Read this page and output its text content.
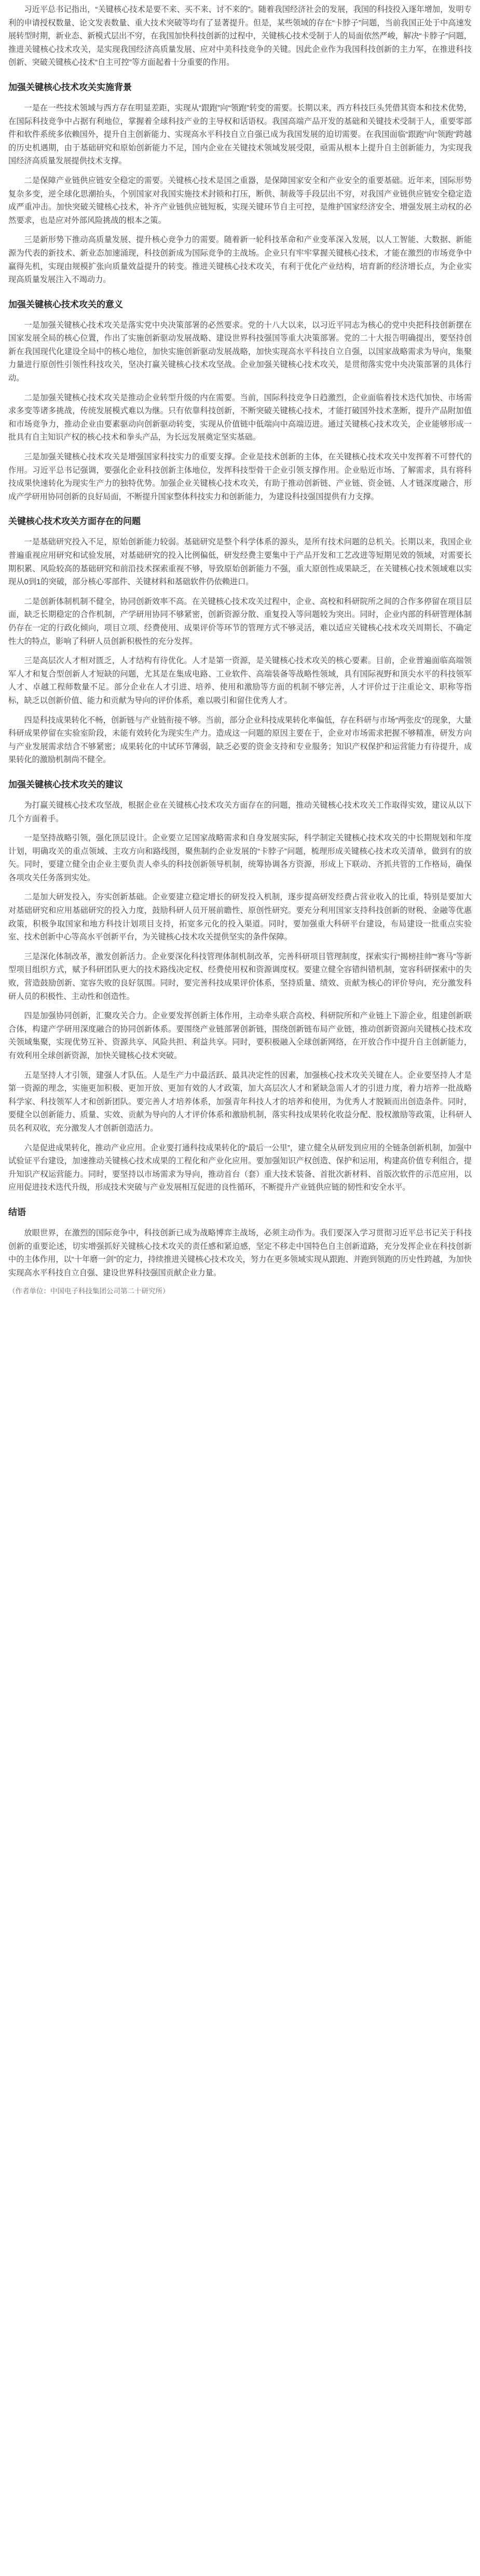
习近平总书记指出，“关键核心技术是要不来、买不来、讨不来的”。随着我国经济社会的发展，我国的科技投入逐年增加，发明专利的申请授权数量、论文发表数量、重大技术突破等均有了显著提升。但是，某些领域的存在“卡脖子”问题，当前我国正处于中高速发展转型时期，新业态、新模式层出不穷，在我国加快科技创新的过程中，关键核心技术受制于人的局面依然严峻，解决“卡脖子”问题，推进关键核心技术攻关，是实现我国经济高质量发展、应对中美科技竞争的关键。因此企业作为我国科技创新的主力军，在推进科技创新、突破关键核心技术“自主可控”等方面起着十分重要的作用。

加强关键核心技术攻关实施背景

一是在一些技术领域与西方存在明显差距，实现从“跟跑”向“领跑”转变的需要。长期以来，西方科技巨头凭借其资本和技术优势，在国际科技竞争中占据有利地位，掌握着全球科技产业的主导权和话语权。我国高端产品开发的基础和关键技术受制于人，重要零部件和软件系统多依赖国外，提升自主创新能力、实现高水平科技自立自强已成为我国发展的迫切需要。在我国面临“跟跑”向“领跑”跨越的历史机遇期，由于基础研究和原始创新能力不足，国内企业在关键技术领域发展受限，亟需从根本上提升自主创新能力，为实现我国经济高质量发展提供技术支撑。

二是保障产业链供应链安全稳定的需要。关键核心技术是国之重器，是保障国家安全和产业安全的重要基础。近年来，国际形势复杂多变，逆全球化思潮抬头，个别国家对我国实施技术封锁和打压，断供、制裁等手段层出不穷，对我国产业链供应链安全稳定造成严重冲击。加快突破关键核心技术，补齐产业链供应链短板，实现关键环节自主可控，是维护国家经济安全、增强发展主动权的必然要求，也是应对外部风险挑战的根本之策。

三是新形势下推动高质量发展、提升核心竞争力的需要。随着新一轮科技革命和产业变革深入发展，以人工智能、大数据、新能源为代表的新技术、新业态加速涌现，科技创新成为国际竞争的主战场。企业只有牢牢掌握关键核心技术，才能在激烈的市场竞争中赢得先机，实现由规模扩张向质量效益提升的转变。推进关键核心技术攻关，有利于优化产业结构，培育新的经济增长点，为企业实现高质量发展注入不竭动力。

加强关键核心技术攻关的意义

一是加强关键核心技术攻关是落实党中央决策部署的必然要求。党的十八大以来，以习近平同志为核心的党中央把科技创新摆在国家发展全局的核心位置，作出了实施创新驱动发展战略、建设世界科技强国等重大决策部署。党的二十大报告明确提出，要坚持创新在我国现代化建设全局中的核心地位，加快实施创新驱动发展战略，加快实现高水平科技自立自强，以国家战略需求为导向，集聚力量进行原创性引领性科技攻关，坚决打赢关键核心技术攻坚战。企业加强关键核心技术攻关，是贯彻落实党中央决策部署的具体行动。

二是加强关键核心技术攻关是推动企业转型升级的内在需要。当前，国际科技竞争日趋激烈，企业面临着技术迭代加快、市场需求多变等诸多挑战，传统发展模式难以为继。只有依靠科技创新，不断突破关键核心技术，才能打破国外技术垄断，提升产品附加值和市场竞争力，推动企业由要素驱动向创新驱动转变，实现从价值链中低端向中高端迈进。通过关键核心技术攻关，企业能够形成一批具有自主知识产权的核心技术和拳头产品，为长远发展奠定坚实基础。

三是加强关键核心技术攻关是增强国家科技实力的重要支撑。企业是技术创新的主体，在关键核心技术攻关中发挥着不可替代的作用。习近平总书记强调，要强化企业科技创新主体地位，发挥科技型骨干企业引领支撑作用。企业贴近市场、了解需求，具有将科技成果快速转化为现实生产力的独特优势。加强企业关键核心技术攻关，有助于推动创新链、产业链、资金链、人才链深度融合，形成产学研用协同创新的良好局面，不断提升国家整体科技实力和创新能力，为建设科技强国提供有力支撑。

关键核心技术攻关方面存在的问题

一是基础研究投入不足，原始创新能力较弱。基础研究是整个科学体系的源头，是所有技术问题的总机关。长期以来，我国企业普遍重视应用研究和试验发展，对基础研究的投入比例偏低，研发经费主要集中于产品开发和工艺改进等短期见效的领域，对需要长期积累、风险较高的基础研究和前沿技术探索重视不够，导致原始创新能力不强，重大原创性成果缺乏，在关键核心技术领域难以实现从0到1的突破，部分核心零部件、关键材料和基础软件仍依赖进口。

二是创新体制机制不健全，协同创新效率不高。在关键核心技术攻关过程中，企业、高校和科研院所之间的合作多停留在项目层面，缺乏长期稳定的合作机制，产学研用协同不够紧密，创新资源分散、重复投入等问题较为突出。同时，企业内部的科研管理体制仍存在一定的行政化倾向，项目立项、经费使用、成果评价等环节的管理方式不够灵活，难以适应关键核心技术攻关周期长、不确定性大的特点，影响了科研人员创新积极性的充分发挥。

三是高层次人才相对匮乏，人才结构有待优化。人才是第一资源，是关键核心技术攻关的核心要素。目前，企业普遍面临高端领军人才和复合型创新人才短缺的问题，尤其是在集成电路、工业软件、高端装备等战略性领域，具有国际视野和顶尖水平的科技领军人才、卓越工程师数量不足。部分企业在人才引进、培养、使用和激励等方面的机制不够完善，人才评价过于注重论文、职称等指标，缺乏以创新价值、能力和贡献为导向的评价体系，难以吸引和留住优秀人才。

四是科技成果转化不畅，创新链与产业链衔接不够。当前，部分企业科技成果转化率偏低，存在科研与市场“两张皮”的现象，大量科研成果停留在实验室阶段，未能有效转化为现实生产力。造成这一问题的原因主要在于，企业对市场需求把握不够精准，研发方向与产业发展需求结合不够紧密；成果转化的中试环节薄弱，缺乏必要的资金支持和专业服务；知识产权保护和运营能力有待提升，成果转化的激励机制尚不健全。

加强关键核心技术攻关的建议

为打赢关键核心技术攻坚战，根据企业在关键核心技术攻关方面存在的问题，推动关键核心技术攻关工作取得实效，建议从以下几个方面着手。

一是坚持战略引领，强化顶层设计。企业要立足国家战略需求和自身发展实际，科学制定关键核心技术攻关的中长期规划和年度计划，明确攻关的重点领域、主攻方向和路线图，聚焦制约企业发展的“卡脖子”问题，梳理形成关键核心技术攻关清单，做到有的放矢。同时，要建立健全由企业主要负责人牵头的科技创新领导机制，统筹协调各方资源，形成上下联动、齐抓共管的工作格局，确保各项攻关任务落到实处。

二是加大研发投入，夯实创新基础。企业要建立稳定增长的研发投入机制，逐步提高研发经费占营业收入的比重，特别是要加大对基础研究和应用基础研究的投入力度，鼓励科研人员开展前瞻性、原创性研究。要充分利用国家支持科技创新的财税、金融等优惠政策，积极争取国家和地方科技计划项目支持，拓宽多元化的投入渠道。同时，要加强重大科研平台建设，布局建设一批重点实验室、技术创新中心等高水平创新平台，为关键核心技术攻关提供坚实的条件保障。

三是深化体制改革，激发创新活力。企业要深化科技管理体制机制改革，完善科研项目管理制度，探索实行“揭榜挂帅”“赛马”等新型项目组织方式，赋予科研团队更大的技术路线决定权、经费使用权和资源调度权。要建立健全容错纠错机制，宽容科研探索中的失败，营造鼓励创新、宽容失败的良好氛围。同时，要完善科技成果评价体系，坚持质量、绩效、贡献为核心的评价导向，充分激发科研人员的积极性、主动性和创造性。

四是加强协同创新，汇聚攻关合力。企业要发挥创新主体作用，主动牵头联合高校、科研院所和产业链上下游企业，组建创新联合体，构建产学研用深度融合的协同创新体系。要围绕产业链部署创新链，围绕创新链布局产业链，推动创新资源向关键核心技术攻关领域集聚，实现优势互补、资源共享、风险共担、利益共享。同时，要积极融入全球创新网络，在开放合作中提升自主创新能力，有效利用全球创新资源，加快关键核心技术突破。

五是坚持人才引领，建强人才队伍。人是生产力中最活跃、最具决定性的因素，加强核心技术攻关关键在人。企业要坚持人才是第一资源的理念，实施更加积极、更加开放、更加有效的人才政策，加大高层次人才和紧缺急需人才的引进力度，着力培养一批战略科学家、科技领军人才和创新团队。要完善人才培养体系，加强青年科技人才的培养和使用，为优秀人才脱颖而出创造条件。同时，要健全以创新能力、质量、实效、贡献为导向的人才评价体系和激励机制，落实科技成果转化收益分配、股权激励等政策，让科研人员名利双收，充分激发人才创新创造活力。

六是促进成果转化，推动产业应用。企业要打通科技成果转化的“最后一公里”，建立健全从研发到应用的全链条创新机制，加强中试验证平台建设，加速推动关键核心技术成果的工程化和产业化应用。要加强知识产权创造、保护和运用，构建高价值专利组合，提升知识产权运营能力。同时，要坚持以市场需求为导向，推动首台（套）重大技术装备、首批次新材料、首版次软件的示范应用，以应用促进技术迭代升级，形成技术突破与产业发展相互促进的良性循环，不断提升产业链供应链的韧性和安全水平。

结语

放眼世界，在激烈的国际竞争中，科技创新已成为战略博弈主战场，必须主动作为。我们要深入学习贯彻习近平总书记关于科技创新的重要论述，切实增强抓好关键核心技术攻关的责任感和紧迫感，坚定不移走中国特色自主创新道路，充分发挥企业在科技创新中的主体作用，以“十年磨一剑”的定力，持续推进关键核心技术攻关，努力在更多领域实现从跟跑、并跑到领跑的历史性跨越，为加快实现高水平科技自立自强、建设世界科技强国贡献企业力量。

（作者单位：中国电子科技集团公司第二十研究所）
